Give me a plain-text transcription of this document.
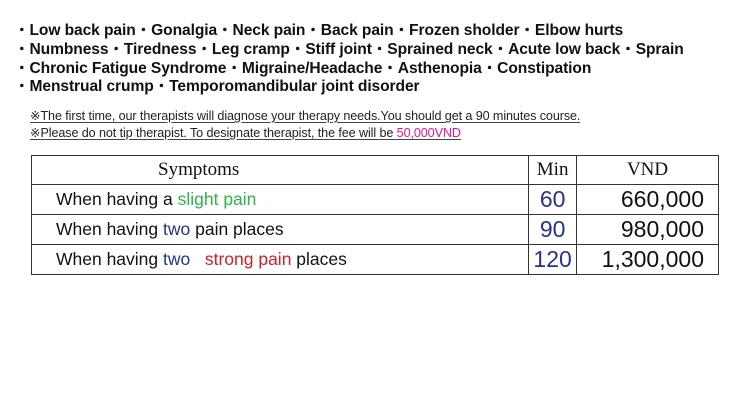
・Low back pain・Gonalgia・Neck pain・Back pain・Frozen sholder・Elbow hurts
・Numbness・Tiredness・Leg cramp・Stiff joint・Sprained neck・Acute low back・Sprain
・Chronic Fatigue Syndrome・Migraine/Headache・Asthenopia・Constipation
・Menstrual crump・Temporomandibular joint disorder
※The first time, our therapists will diagnose your therapy needs.You should get a 90 minutes course.
※Please do not tip therapist. To designate therapist, the fee will be 50,000VND
Symptoms	Min	VND
When having a slight pain	60	660,000
When having two pain places	90	980,000
When having two strong pain places	120	1,300,000
